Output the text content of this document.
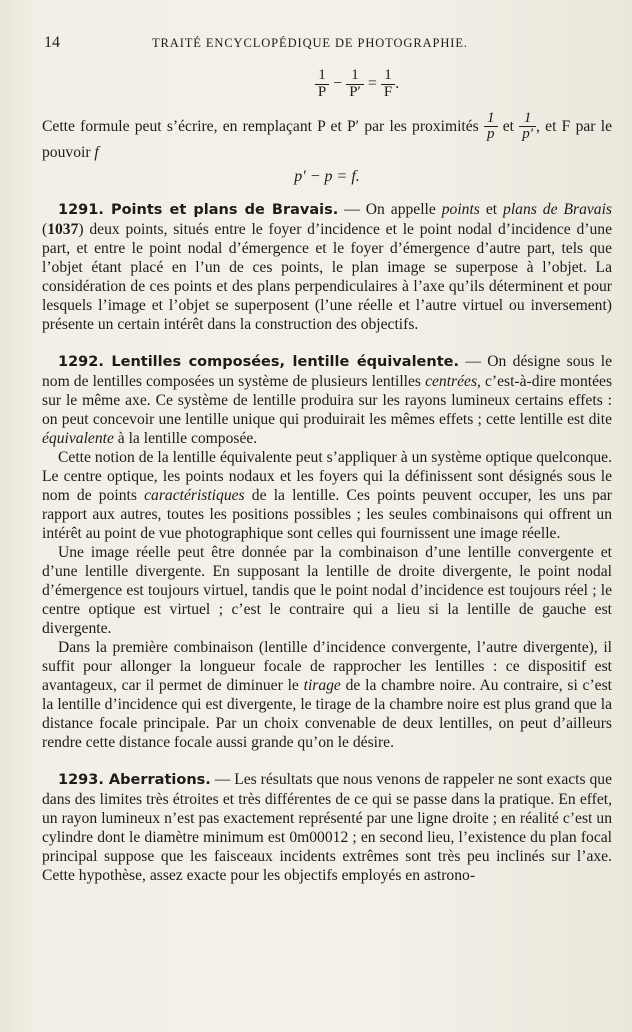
14	TRAITÉ ENCYCLOPÉDIQUE DE PHOTOGRAPHIE.
$\frac{1}{P} - \frac{1}{P'} = \frac{1}{F}$ .

Cette formule peut s’écrire, en remplaçant P et P′ par les proximités $\frac{1}{p}$ et $\frac{1}{p'}$ , et F par le pouvoir f

p′ − p = f.

1291. Points et plans de Bravais. — On appelle points et plans de Bravais (1037) deux points, situés entre le foyer d’incidence et le point nodal d’incidence d’une part, et entre le point nodal d’émergence et le foyer d’émergence d’autre part, tels que l’objet étant placé en l’un de ces points, le plan image se superpose à l’objet. La considération de ces points et des plans perpendiculaires à l’axe qu’ils déterminent et pour lesquels l’image et l’objet se superposent (l’une réelle et l’autre virtuel ou inversement) présente un certain intérêt dans la construction des objectifs.

1292. Lentilles composées, lentille équivalente. — On désigne sous le nom de lentilles composées un système de plusieurs lentilles centrées, c’est-à-dire montées sur le même axe. Ce système de lentille produira sur les rayons lumineux certains effets : on peut concevoir une lentille unique qui produirait les mêmes effets ; cette lentille est dite équivalente à la lentille composée.

Cette notion de la lentille équivalente peut s’appliquer à un système optique quelconque. Le centre optique, les points nodaux et les foyers qui la définissent sont désignés sous le nom de points caractéristiques de la lentille. Ces points peuvent occuper, les uns par rapport aux autres, toutes les positions possibles ; les seules combinaisons qui offrent un intérêt au point de vue photographique sont celles qui fournissent une image réelle.

Une image réelle peut être donnée par la combinaison d’une lentille convergente et d’une lentille divergente. En supposant la lentille de droite divergente, le point nodal d’émergence est toujours virtuel, tandis que le point nodal d’incidence est toujours réel ; le centre optique est virtuel ; c’est le contraire qui a lieu si la lentille de gauche est divergente.

Dans la première combinaison (lentille d’incidence convergente, l’autre divergente), il suffit pour allonger la longueur focale de rapprocher les lentilles : ce dispositif est avantageux, car il permet de diminuer le tirage de la chambre noire. Au contraire, si c’est la lentille d’incidence qui est divergente, le tirage de la chambre noire est plus grand que la distance focale principale. Par un choix convenable de deux lentilles, on peut d’ailleurs rendre cette distance focale aussi grande qu’on le désire.

1293. Aberrations. — Les résultats que nous venons de rappeler ne sont exacts que dans des limites très étroites et très différentes de ce qui se passe dans la pratique. En effet, un rayon lumineux n’est pas exactement représenté par une ligne droite ; en réalité c’est un cylindre dont le diamètre minimum est 0m00012 ; en second lieu, l’existence du plan focal principal suppose que les faisceaux incidents extrêmes sont très peu inclinés sur l’axe. Cette hypothèse, assez exacte pour les objectifs employés en astrono-
